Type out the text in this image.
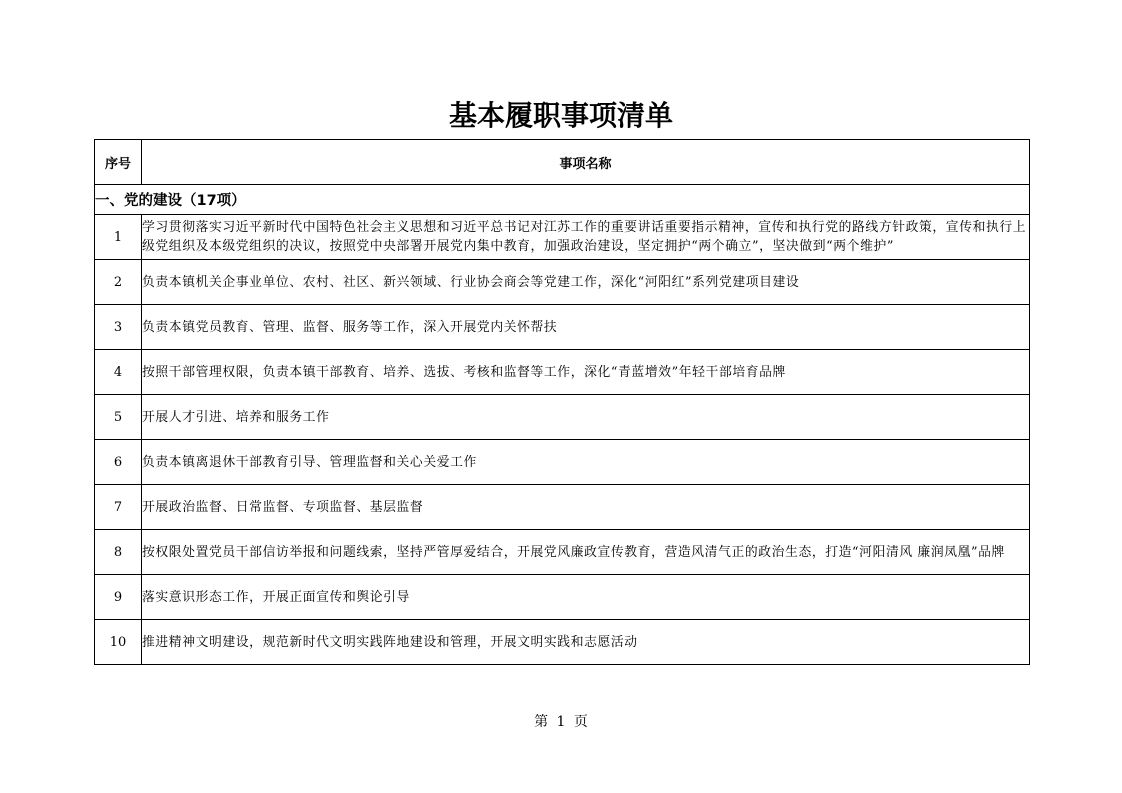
基本履职事项清单
序号	事项名称
一、党的建设（17项）	
1	学习贯彻落实习近平新时代中国特色社会主义思想和习近平总书记对江苏工作的重要讲话重要指示精神，宣传和执行党的路线方针政策，宣传和执行上级党组织及本级党组织的决议，按照党中央部署开展党内集中教育，加强政治建设，坚定拥护“两个确立”，坚决做到“两个维护”
2	负责本镇机关企事业单位、农村、社区、新兴领域、行业协会商会等党建工作，深化“河阳红”系列党建项目建设
3	负责本镇党员教育、管理、监督、服务等工作，深入开展党内关怀帮扶
4	按照干部管理权限，负责本镇干部教育、培养、选拔、考核和监督等工作，深化“青蓝增效”年轻干部培育品牌
5	开展人才引进、培养和服务工作
6	负责本镇离退休干部教育引导、管理监督和关心关爱工作
7	开展政治监督、日常监督、专项监督、基层监督
8	按权限处置党员干部信访举报和问题线索，坚持严管厚爱结合，开展党风廉政宣传教育，营造风清气正的政治生态，打造“河阳清风 廉润凤凰”品牌
9	落实意识形态工作，开展正面宣传和舆论引导
10	推进精神文明建设，规范新时代文明实践阵地建设和管理，开展文明实践和志愿活动
第 1 页
